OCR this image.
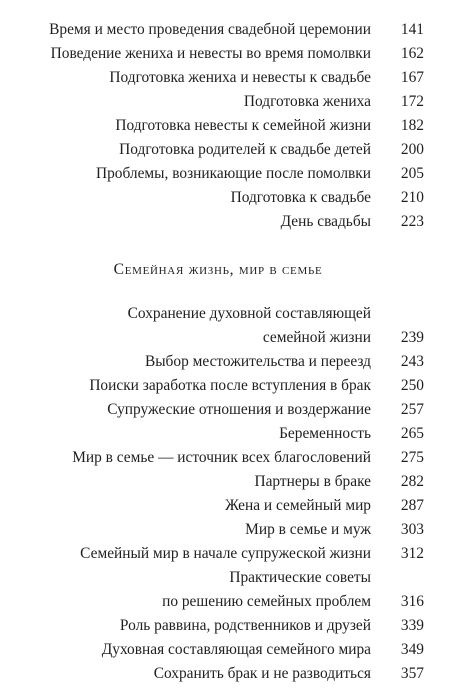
Время и место проведения свадебной церемонии	141
Поведение жениха и невесты во время помолвки	162
Подготовка жениха и невесты к свадьбе	167
Подготовка жениха	172
Подготовка невесты к семейной жизни	182
Подготовка родителей к свадьбе детей	200
Проблемы, возникающие после помолвки	205
Подготовка к свадьбе	210
День свадьбы	223
Семейная жизнь, мир в семье
Сохранение духовной составляющей
семейной жизни	239
Выбор местожительства и переезд	243
Поиски заработка после вступления в брак	250
Супружеские отношения и воздержание	257
Беременность	265
Мир в семье — источник всех благословений	275
Партнеры в браке	282
Жена и семейный мир	287
Мир в семье и муж	303
Семейный мир в начале супружеской жизни	312
Практические советы
по решению семейных проблем	316
Роль раввина, родственников и друзей	339
Духовная составляющая семейного мира	349
Сохранить брак и не разводиться	357
